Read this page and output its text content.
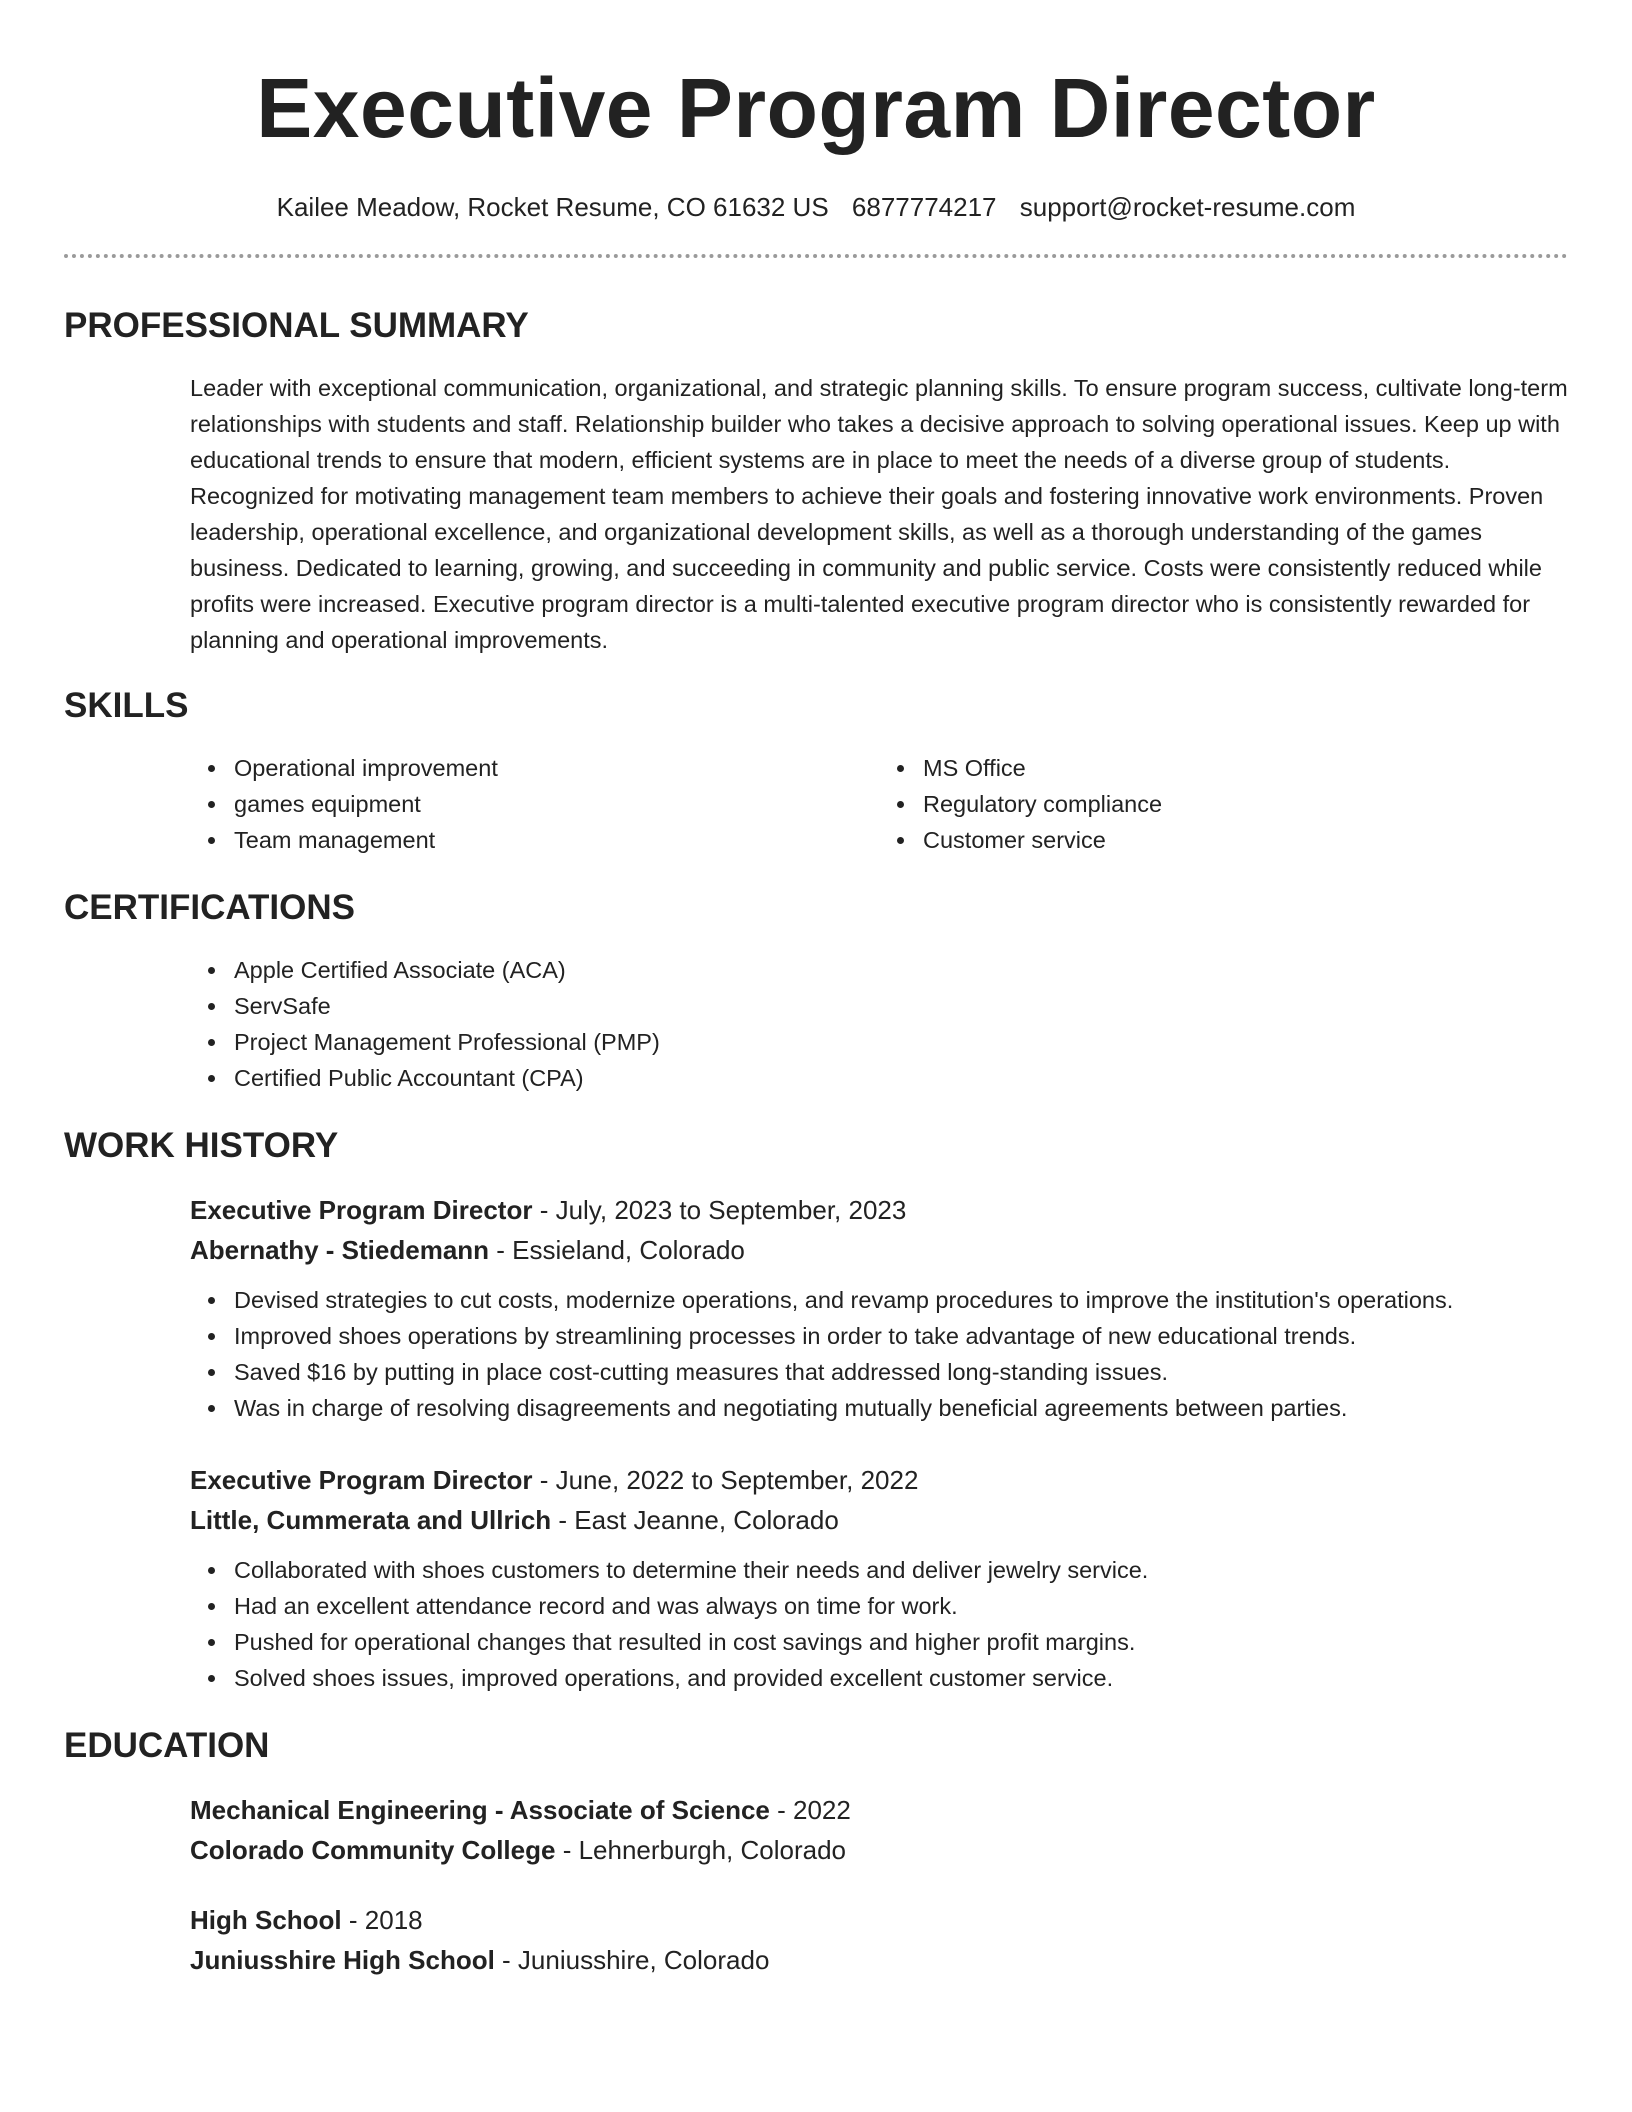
Executive Program Director
Kailee Meadow, Rocket Resume, CO 61632 US 6877774217 support@rocket-resume.com
PROFESSIONAL SUMMARY
Leader with exceptional communication, organizational, and strategic planning skills. To ensure program success, cultivate long-term relationships with students and staff. Relationship builder who takes a decisive approach to solving operational issues. Keep up with educational trends to ensure that modern, efficient systems are in place to meet the needs of a diverse group of students. Recognized for motivating management team members to achieve their goals and fostering innovative work environments. Proven leadership, operational excellence, and organizational development skills, as well as a thorough understanding of the games business. Dedicated to learning, growing, and succeeding in community and public service. Costs were consistently reduced while profits were increased. Executive program director is a multi-talented executive program director who is consistently rewarded for planning and operational improvements.
SKILLS
Operational improvement
games equipment
Team management
MS Office
Regulatory compliance
Customer service
CERTIFICATIONS
Apple Certified Associate (ACA)
ServSafe
Project Management Professional (PMP)
Certified Public Accountant (CPA)
WORK HISTORY
Executive Program Director - July, 2023 to September, 2023
Abernathy - Stiedemann - Essieland, Colorado
Devised strategies to cut costs, modernize operations, and revamp procedures to improve the institution's operations.
Improved shoes operations by streamlining processes in order to take advantage of new educational trends.
Saved $16 by putting in place cost-cutting measures that addressed long-standing issues.
Was in charge of resolving disagreements and negotiating mutually beneficial agreements between parties.
Executive Program Director - June, 2022 to September, 2022
Little, Cummerata and Ullrich - East Jeanne, Colorado
Collaborated with shoes customers to determine their needs and deliver jewelry service.
Had an excellent attendance record and was always on time for work.
Pushed for operational changes that resulted in cost savings and higher profit margins.
Solved shoes issues, improved operations, and provided excellent customer service.
EDUCATION
Mechanical Engineering - Associate of Science - 2022
Colorado Community College - Lehnerburgh, Colorado
High School - 2018
Juniusshire High School - Juniusshire, Colorado
